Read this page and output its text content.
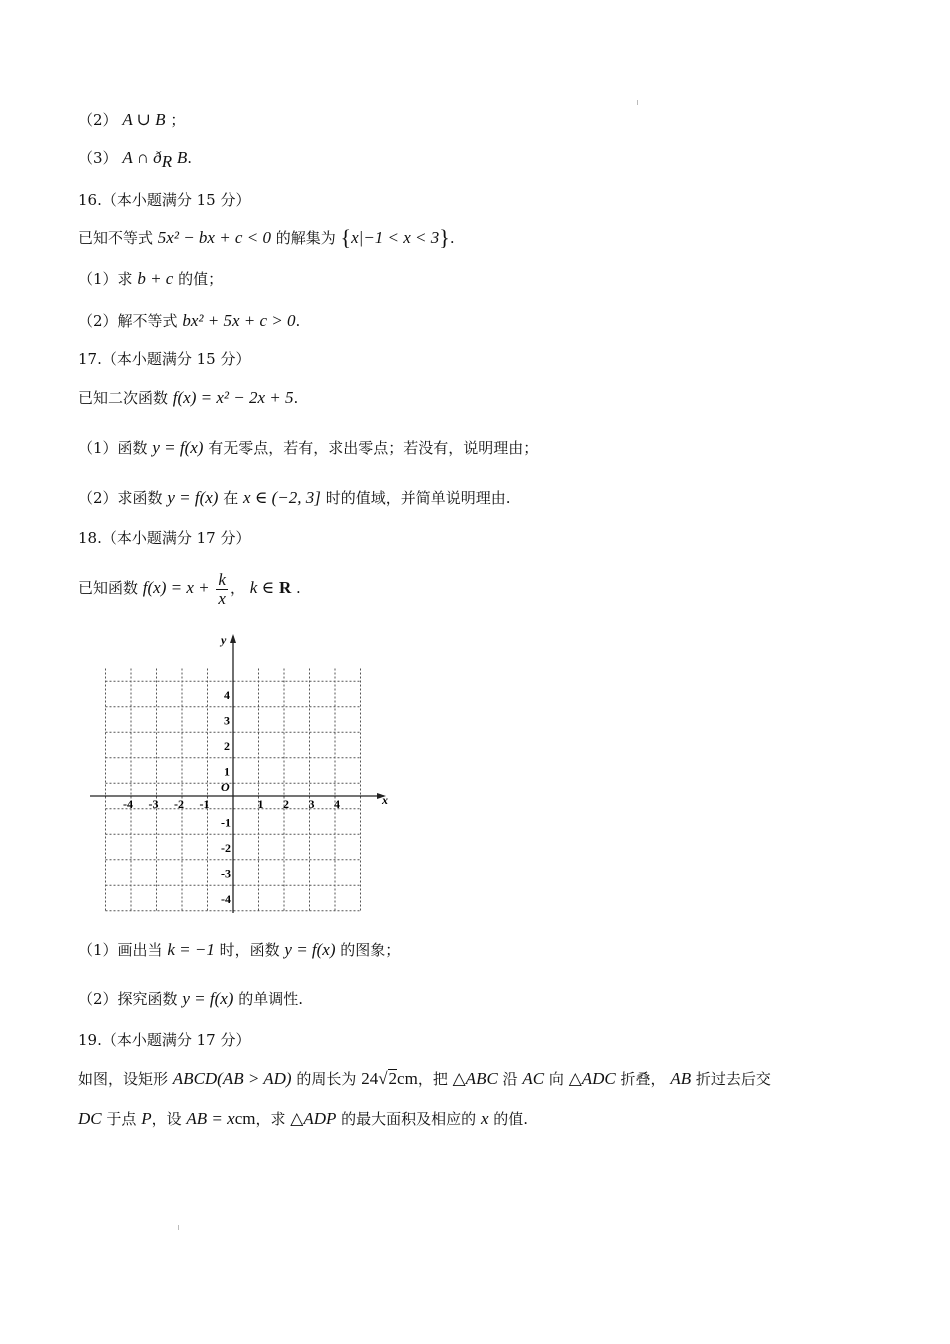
（2） A ∪ B ；
（3） A ∩ $ð_R$ B.
16.（本小题满分 15 分）
已知不等式 5x² − bx + c < 0 的解集为 {x|−1 < x < 3}.
（1）求 b + c 的值；
（2）解不等式 bx² + 5x + c > 0.
17.（本小题满分 15 分）
已知二次函数 f(x) = x² − 2x + 5.
（1）函数 y = f(x) 有无零点，若有，求出零点；若没有，说明理由；
（2）求函数 y = f(x) 在 x ∈ (−2, 3] 时的值域，并简单说明理由.
18.（本小题满分 17 分）
已知函数 $f(x) = x + \frac{k}{x}$ ， k ∈ R .
x
y
O
-4 -3 -2 -1	1 2 3 4
4
3
2
1
-1
-2
-3
-4
（1）画出当 k = −1 时，函数 y = f(x) 的图象；
（2）探究函数 y = f(x) 的单调性.
19.（本小题满分 17 分）
如图，设矩形 ABCD(AB > AD) 的周长为 24√2cm，把 △ABC 沿 AC 向 △ADC 折叠， AB 折过去后交
DC 于点 P，设 AB = xcm，求 △ADP 的最大面积及相应的 x 的值.
